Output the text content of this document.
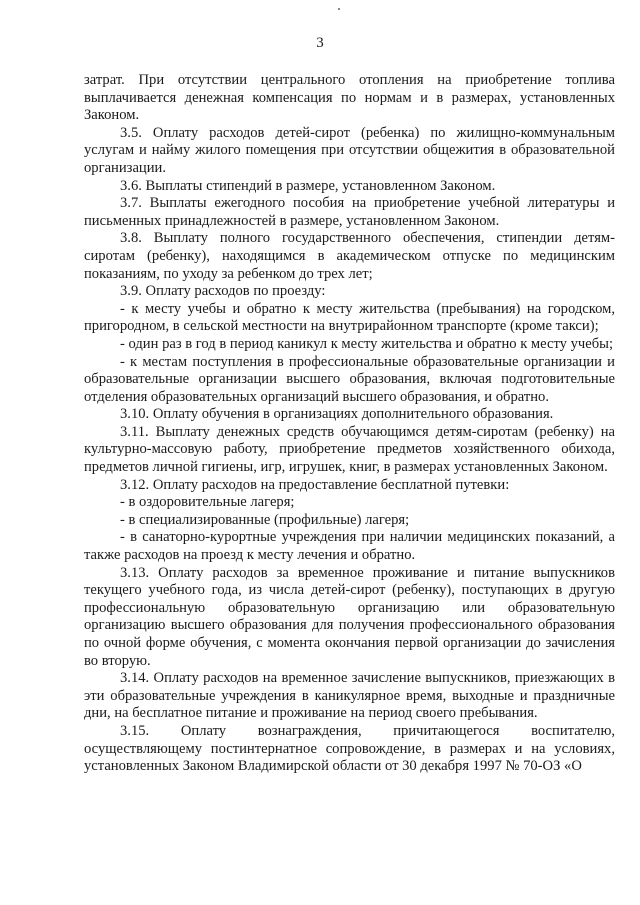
3

затрат. При отсутствии центрального отопления на приобретение топлива выплачивается денежная компенсация по нормам и в размерах, установленных Законом.

3.5. Оплату расходов детей-сирот (ребенка) по жилищно-коммунальным услугам и найму жилого помещения при отсутствии общежития в образовательной организации.

3.6. Выплаты стипендий в размере, установленном Законом.

3.7. Выплаты ежегодного пособия на приобретение учебной литературы и письменных принадлежностей в размере, установленном Законом.

3.8. Выплату полного государственного обеспечения, стипендии детям-сиротам (ребенку), находящимся в академическом отпуске по медицинским показаниям, по уходу за ребенком до трех лет;

3.9. Оплату расходов по проезду:

- к месту учебы и обратно к месту жительства (пребывания) на городском, пригородном, в сельской местности на внутрирайонном транспорте (кроме такси);

- один раз в год в период каникул к месту жительства и обратно к месту учебы;

- к местам поступления в профессиональные образовательные организации и образовательные организации высшего образования, включая подготовительные отделения образовательных организаций высшего образования, и обратно.

3.10. Оплату обучения в организациях дополнительного образования.

3.11. Выплату денежных средств обучающимся детям-сиротам (ребенку) на культурно-массовую работу, приобретение предметов хозяйственного обихода, предметов личной гигиены, игр, игрушек, книг, в размерах установленных Законом.

3.12. Оплату расходов на предоставление бесплатной путевки:

- в оздоровительные лагеря;

- в специализированные (профильные) лагеря;

- в санаторно-курортные учреждения при наличии медицинских показаний, а также расходов на проезд к месту лечения и обратно.

3.13. Оплату расходов за временное проживание и питание выпускников текущего учебного года, из числа детей-сирот (ребенку), поступающих в другую профессиональную образовательную организацию или образовательную организацию высшего образования для получения профессионального образования по очной форме обучения, с момента окончания первой организации до зачисления во вторую.

3.14. Оплату расходов на временное зачисление выпускников, приезжающих в эти образовательные учреждения в каникулярное время, выходные и праздничные дни, на бесплатное питание и проживание на период своего пребывания.

3.15. Оплату вознаграждения, причитающегося воспитателю, осуществляющему постинтернатное сопровождение, в размерах и на условиях, установленных Законом Владимирской области от 30 декабря 1997 № 70-ОЗ «О
